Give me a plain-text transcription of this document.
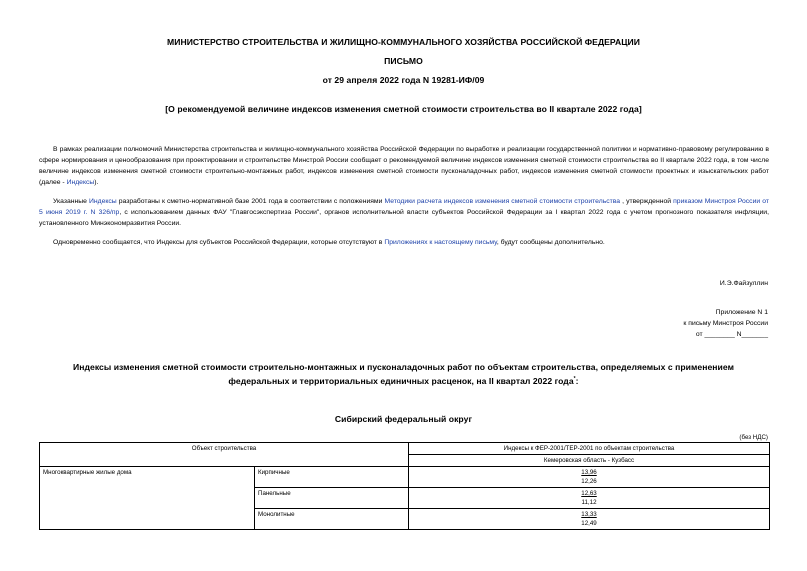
МИНИСТЕРСТВО СТРОИТЕЛЬСТВА И ЖИЛИЩНО-КОММУНАЛЬНОГО ХОЗЯЙСТВА РОССИЙСКОЙ ФЕДЕРАЦИИ
ПИСЬМО
от 29 апреля 2022 года N 19281-ИФ/09
[О рекомендуемой величине индексов изменения сметной стоимости строительства во II квартале 2022 года]
В рамках реализации полномочий Министерства строительства и жилищно-коммунального хозяйства Российской Федерации по выработке и реализации государственной политики и нормативно-правовому регулированию в сфере нормирования и ценообразования при проектировании и строительстве Минстрой России сообщает о рекомендуемой величине индексов изменения сметной стоимости строительства во II квартале 2022 года, в том числе величине индексов изменения сметной стоимости строительно-монтажных работ, индексов изменения сметной стоимости пусконаладочных работ, индексов изменения сметной стоимости проектных и изыскательских работ (далее - Индексы).
Указанные Индексы разработаны к сметно-нормативной базе 2001 года в соответствии с положениями Методики расчета индексов изменения сметной стоимости строительства , утвержденной приказом Минстроя России от 5 июня 2019 г. N 326/пр, с использованием данных ФАУ "Главгосэкспертиза России", органов исполнительной власти субъектов Российской Федерации за I квартал 2022 года с учетом прогнозного показателя инфляции, установленного Минэкономразвития России.
Одновременно сообщается, что Индексы для субъектов Российской Федерации, которые отсутствуют в Приложениях к настоящему письму, будут сообщены дополнительно.
И.Э.Файзуллин
Приложение N 1
к письму Минстроя России
от ________ N_______
Индексы изменения сметной стоимости строительно-монтажных и пусконаладочных работ по объектам строительства, определяемых с применением федеральных и территориальных единичных расценок, на II квартал 2022 года*:
Сибирский федеральный округ
(без НДС)
Объект строительства		Индексы к ФЕР-2001/ТЕР-2001 по объектам строительства
		Кемеровская область - Кузбасс
Многоквартирные жилые дома	Кирпичные	13,96
12,26

	Панельные	12,63
11,12

	Монолитные	13,33
12,49
